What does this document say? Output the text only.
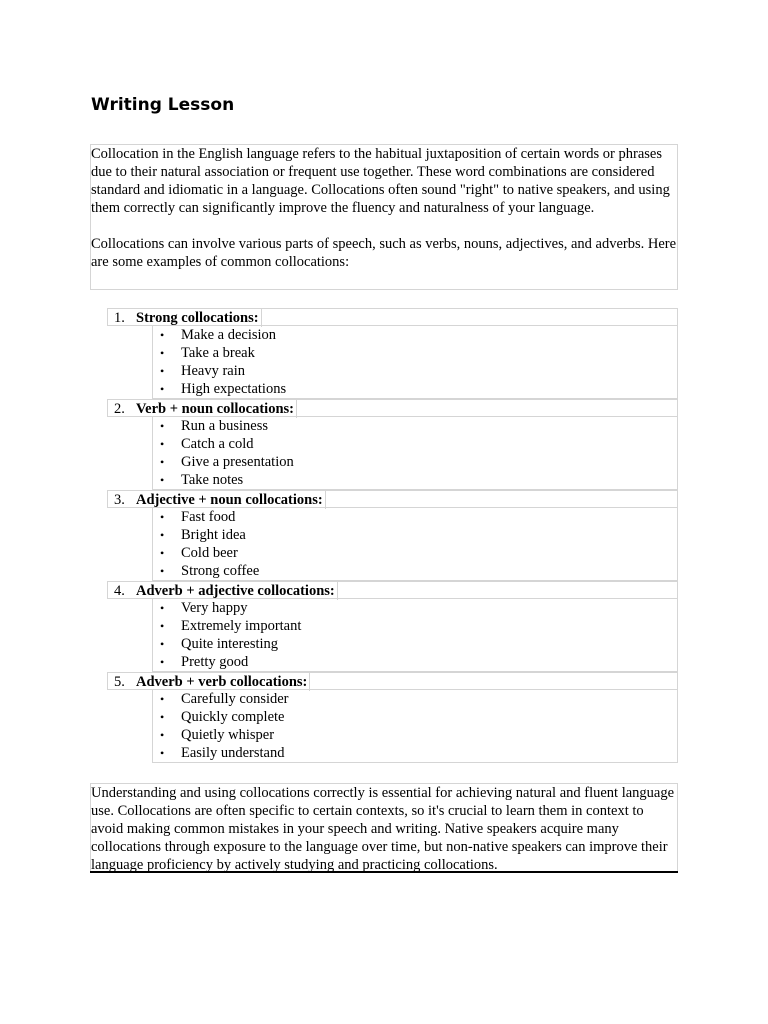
Writing Lesson

Collocation in the English language refers to the habitual juxtaposition of certain words or phrases due to their natural association or frequent use together. These word combinations are considered standard and idiomatic in a language. Collocations often sound "right" to native speakers, and using them correctly can significantly improve the fluency and naturalness of your language.

Collocations can involve various parts of speech, such as verbs, nouns, adjectives, and adverbs. Here are some examples of common collocations:

1. Strong collocations:
• Make a decision
• Take a break
• Heavy rain
• High expectations
2. Verb + noun collocations:
• Run a business
• Catch a cold
• Give a presentation
• Take notes
3. Adjective + noun collocations:
• Fast food
• Bright idea
• Cold beer
• Strong coffee
4. Adverb + adjective collocations:
• Very happy
• Extremely important
• Quite interesting
• Pretty good
5. Adverb + verb collocations:
• Carefully consider
• Quickly complete
• Quietly whisper
• Easily understand

Understanding and using collocations correctly is essential for achieving natural and fluent language use. Collocations are often specific to certain contexts, so it's crucial to learn them in context to avoid making common mistakes in your speech and writing. Native speakers acquire many collocations through exposure to the language over time, but non-native speakers can improve their language proficiency by actively studying and practicing collocations.
